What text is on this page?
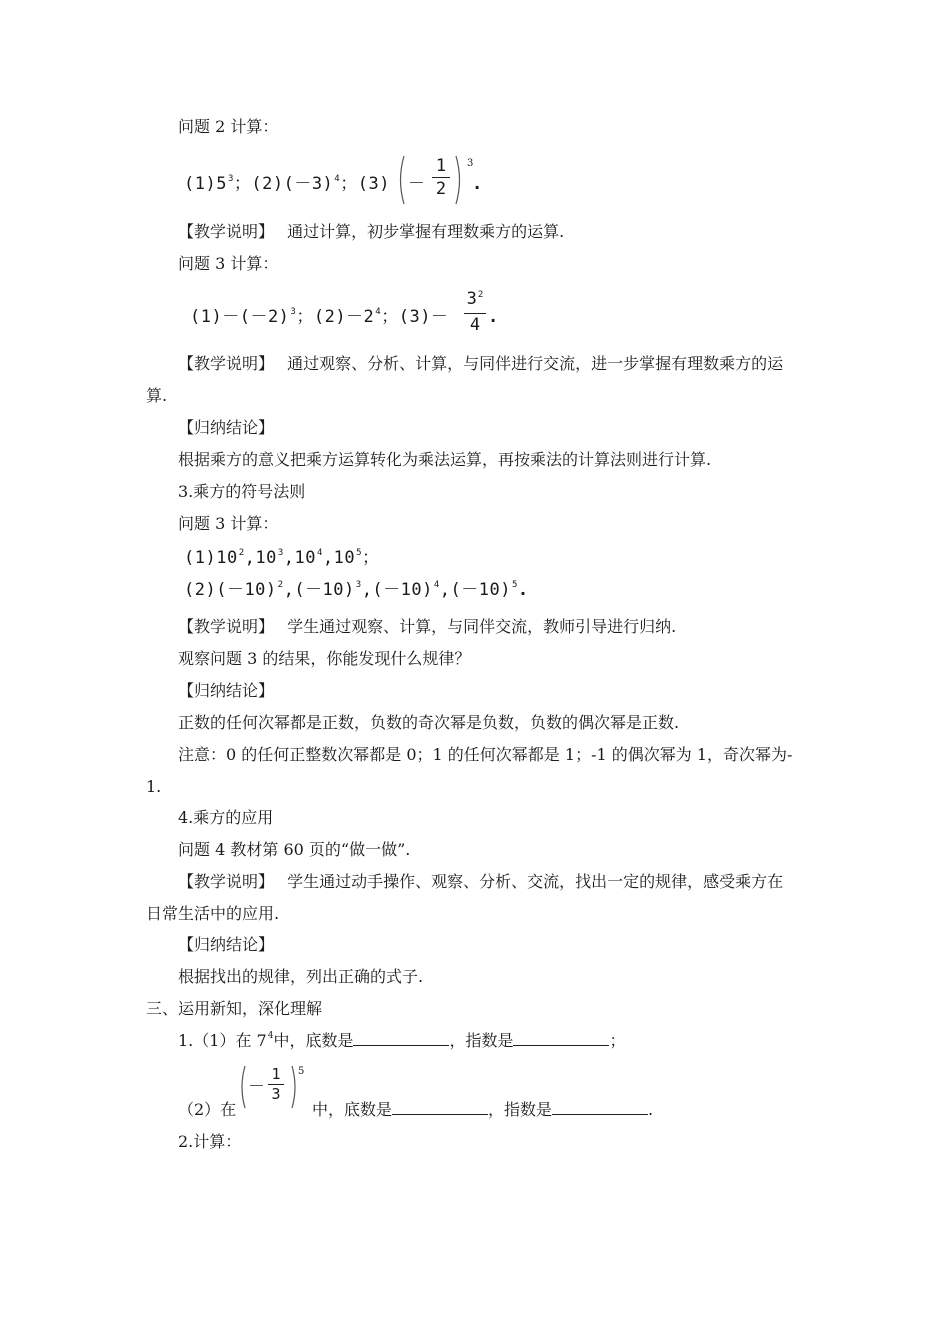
问题 2 计算：
$(1)5^3$；$(2)(-3)^4$；(3) －
1
2
3
.
【教学说明】 通过计算，初步掌握有理数乘方的运算.
问题 3 计算：
$(1)-(-2)^3$；$(2)-2^4$；(3)－
$3^2$
4 .
【教学说明】 通过观察、分析、计算，与同伴进行交流，进一步掌握有理数乘方的运
算.
【归纳结论】
根据乘方的意义把乘方运算转化为乘法运算，再按乘法的计算法则进行计算.
3.乘方的符号法则
问题 3 计算：
$(1)10^2,10^3,10^4,10^5$；
$(2)(-10)^2,(-10)^3,(-10)^4,(-10)^5$.
【教学说明】 学生通过观察、计算，与同伴交流，教师引导进行归纳.
观察问题 3 的结果，你能发现什么规律？
【归纳结论】
正数的任何次幂都是正数，负数的奇次幂是负数，负数的偶次幂是正数.
注意：0 的任何正整数次幂都是 0；1 的任何次幂都是 1；-1 的偶次幂为 1，奇次幂为-
1.
4.乘方的应用
问题 4 教材第 60 页的“做一做”.
【教学说明】 学生通过动手操作、观察、分析、交流，找出一定的规律，感受乘方在
日常生活中的应用.
【归纳结论】
根据找出的规律，列出正确的式子.
三、运用新知，深化理解
1.（1）在 $7^4$中，底数是	，指数是	；
（2）在
－
1
3
5
中，底数是	，指数是	.
2.计算：
